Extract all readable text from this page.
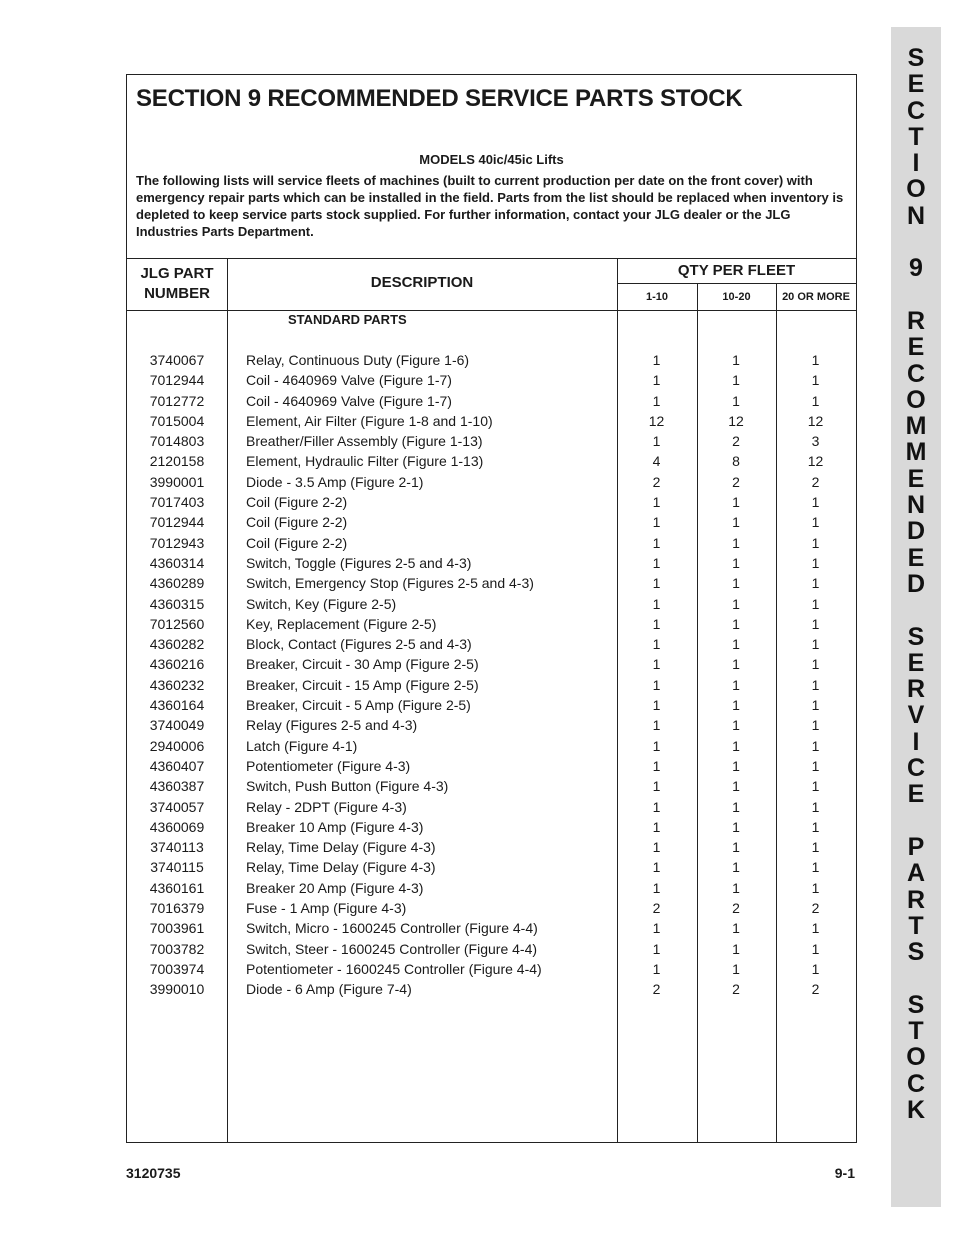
S
E
C
T
I
O
N

9

R
E
C
O
M
M
E
N
D
E
D

S
E
R
V
I
C
E

P
A
R
T
S

S
T
O
C
K
SECTION 9 RECOMMENDED SERVICE PARTS STOCK
MODELS 40ic/45ic Lifts
The following lists will service fleets of machines (built to current production per date on the front cover) with emergency repair parts which can be installed in the field. Parts from the list should be replaced when inventory is depleted to keep service parts stock supplied. For further information, contact your JLG dealer or the JLG Industries Parts Department.
JLG PART
NUMBER
DESCRIPTION
QTY PER FLEET
1-10	10-20	20 OR MORE
STANDARD PARTS
3740067	Relay, Continuous Duty (Figure 1-6)	1	1	1
7012944	Coil - 4640969 Valve (Figure 1-7)	1	1	1
7012772	Coil - 4640969 Valve (Figure 1-7)	1	1	1
7015004	Element, Air Filter (Figure 1-8 and 1-10)	12	12	12
7014803	Breather/Filler Assembly (Figure 1-13)	1	2	3
2120158	Element, Hydraulic Filter (Figure 1-13)	4	8	12
3990001	Diode - 3.5 Amp (Figure 2-1)	2	2	2
7017403	Coil (Figure 2-2)	1	1	1
7012944	Coil (Figure 2-2)	1	1	1
7012943	Coil (Figure 2-2)	1	1	1
4360314	Switch, Toggle (Figures 2-5 and 4-3)	1	1	1
4360289	Switch, Emergency Stop (Figures 2-5 and 4-3)	1	1	1
4360315	Switch, Key (Figure 2-5)	1	1	1
7012560	Key, Replacement (Figure 2-5)	1	1	1
4360282	Block, Contact (Figures 2-5 and 4-3)	1	1	1
4360216	Breaker, Circuit - 30 Amp (Figure 2-5)	1	1	1
4360232	Breaker, Circuit - 15 Amp (Figure 2-5)	1	1	1
4360164	Breaker, Circuit - 5 Amp (Figure 2-5)	1	1	1
3740049	Relay (Figures 2-5 and 4-3)	1	1	1
2940006	Latch (Figure 4-1)	1	1	1
4360407	Potentiometer (Figure 4-3)	1	1	1
4360387	Switch, Push Button (Figure 4-3)	1	1	1
3740057	Relay - 2DPT (Figure 4-3)	1	1	1
4360069	Breaker 10 Amp (Figure 4-3)	1	1	1
3740113	Relay, Time Delay (Figure 4-3)	1	1	1
3740115	Relay, Time Delay (Figure 4-3)	1	1	1
4360161	Breaker 20 Amp (Figure 4-3)	1	1	1
7016379	Fuse - 1 Amp (Figure 4-3)	2	2	2
7003961	Switch, Micro - 1600245 Controller (Figure 4-4)	1	1	1
7003782	Switch, Steer - 1600245 Controller (Figure 4-4)	1	1	1
7003974	Potentiometer - 1600245 Controller (Figure 4-4)	1	1	1
3990010	Diode - 6 Amp (Figure 7-4)	2	2	2
3120735	9-1
